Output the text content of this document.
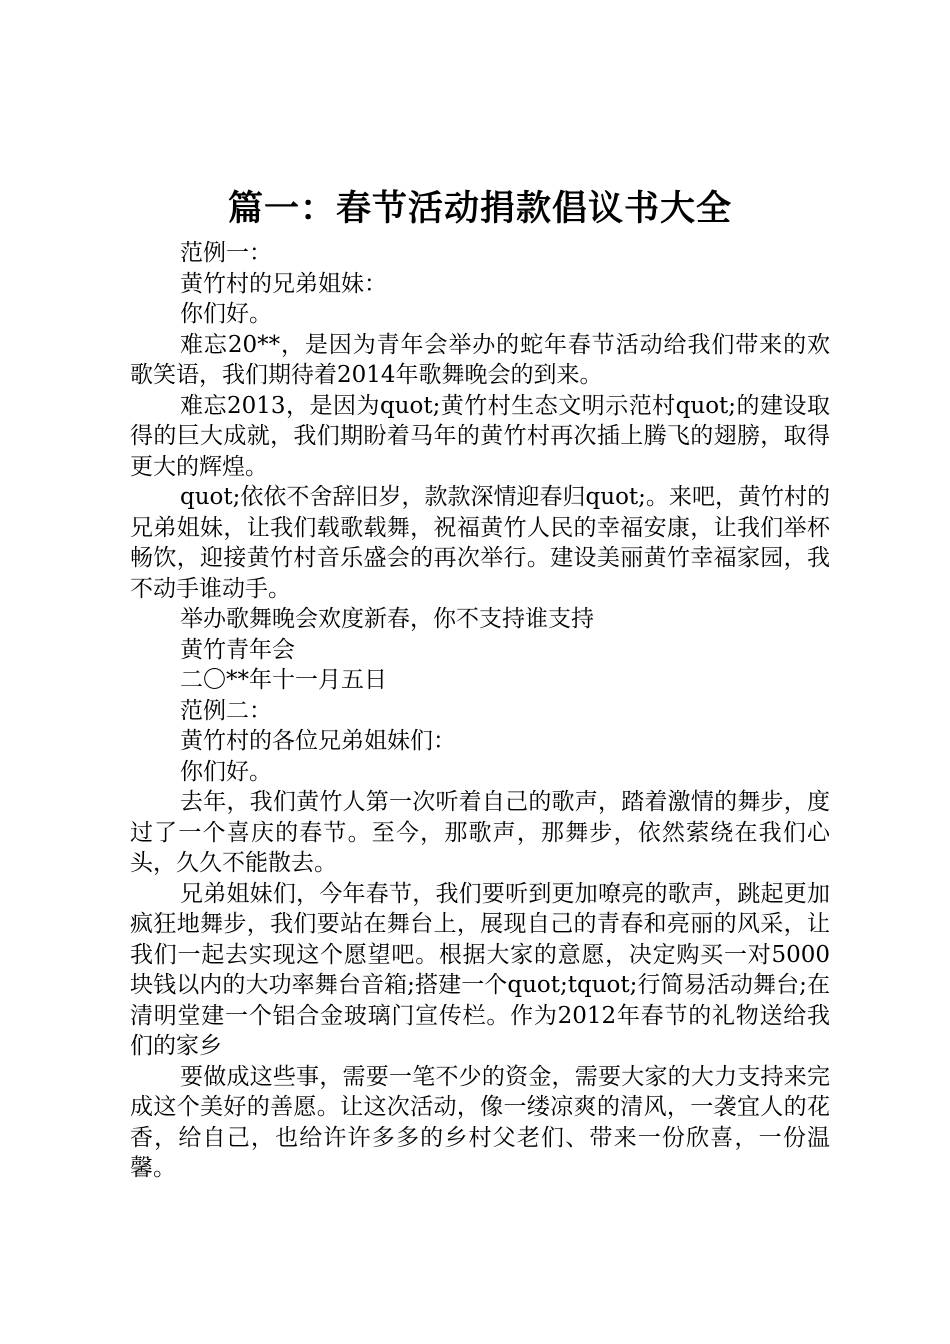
篇一：春节活动捐款倡议书大全

范例一：

黄竹村的兄弟姐妹：

你们好。

难忘20**，是因为青年会举办的蛇年春节活动给我们带来的欢歌笑语，我们期待着2014年歌舞晚会的到来。

难忘2013，是因为quot;黄竹村生态文明示范村quot;的建设取得的巨大成就，我们期盼着马年的黄竹村再次插上腾飞的翅膀，取得更大的辉煌。

quot;依依不舍辞旧岁，款款深情迎春归quot;。来吧，黄竹村的兄弟姐妹，让我们载歌载舞，祝福黄竹人民的幸福安康，让我们举杯畅饮，迎接黄竹村音乐盛会的再次举行。建设美丽黄竹幸福家园，我不动手谁动手。

举办歌舞晚会欢度新春，你不支持谁支持

黄竹青年会

二〇**年十一月五日

范例二：

黄竹村的各位兄弟姐妹们：

你们好。

去年，我们黄竹人第一次听着自己的歌声，踏着激情的舞步，度过了一个喜庆的春节。至今，那歌声，那舞步，依然萦绕在我们心头，久久不能散去。

兄弟姐妹们，今年春节，我们要听到更加嘹亮的歌声，跳起更加疯狂地舞步，我们要站在舞台上，展现自己的青春和亮丽的风采，让我们一起去实现这个愿望吧。根据大家的意愿，决定购买一对5000块钱以内的大功率舞台音箱;搭建一个quot;tquot;行简易活动舞台;在清明堂建一个铝合金玻璃门宣传栏。作为2012年春节的礼物送给我们的家乡

要做成这些事，需要一笔不少的资金，需要大家的大力支持来完成这个美好的善愿。让这次活动，像一缕凉爽的清风，一袭宜人的花香，给自己，也给许许多多的乡村父老们、带来一份欣喜，一份温馨。
